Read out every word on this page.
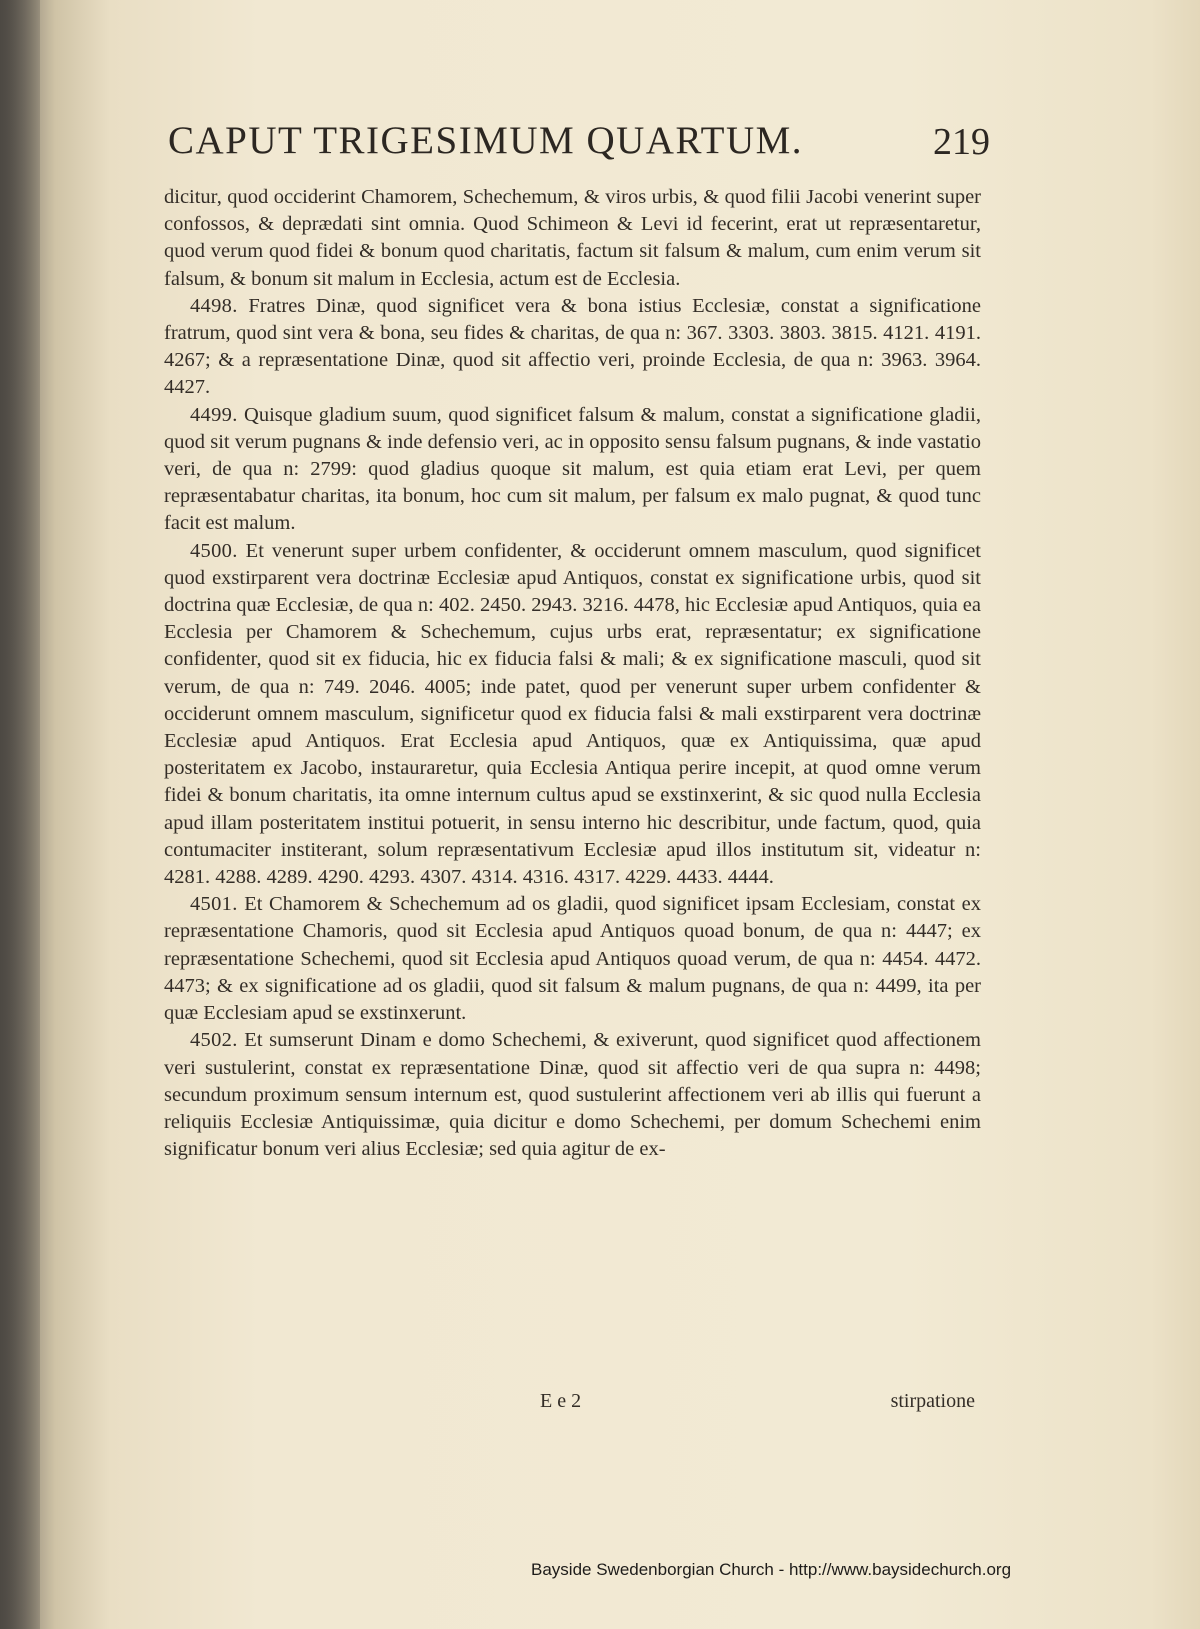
CAPUT TRIGESIMUM QUARTUM.	219

dicitur, quod occiderint Chamorem, Schechemum, & viros urbis, & quod filii Jacobi venerint super confossos, & deprædati sint omnia. Quod Schimeon & Levi id fecerint, erat ut repræsentaretur, quod verum quod fidei & bonum quod charitatis, factum sit falsum & malum, cum enim verum sit falsum, & bonum sit malum in Ecclesia, actum est de Ecclesia.

4498. Fratres Dinæ, quod significet vera & bona istius Ecclesiæ, constat a significatione fratrum, quod sint vera & bona, seu fides & charitas, de qua n: 367. 3303. 3803. 3815. 4121. 4191. 4267; & a repræsentatione Dinæ, quod sit affectio veri, proinde Ecclesia, de qua n: 3963. 3964. 4427.

4499. Quisque gladium suum, quod significet falsum & malum, constat a significatione gladii, quod sit verum pugnans & inde defensio veri, ac in opposito sensu falsum pugnans, & inde vastatio veri, de qua n: 2799: quod gladius quoque sit malum, est quia etiam erat Levi, per quem repræsentabatur charitas, ita bonum, hoc cum sit malum, per falsum ex malo pugnat, & quod tunc facit est malum.

4500. Et venerunt super urbem confidenter, & occiderunt omnem masculum, quod significet quod exstirparent vera doctrinæ Ecclesiæ apud Antiquos, constat ex significatione urbis, quod sit doctrina quæ Ecclesiæ, de qua n: 402. 2450. 2943. 3216. 4478, hic Ecclesiæ apud Antiquos, quia ea Ecclesia per Chamorem & Schechemum, cujus urbs erat, repræsentatur; ex significatione confidenter, quod sit ex fiducia, hic ex fiducia falsi & mali; & ex significatione masculi, quod sit verum, de qua n: 749. 2046. 4005; inde patet, quod per venerunt super urbem confidenter & occiderunt omnem masculum, significetur quod ex fiducia falsi & mali exstirparent vera doctrinæ Ecclesiæ apud Antiquos. Erat Ecclesia apud Antiquos, quæ ex Antiquissima, quæ apud posteritatem ex Jacobo, instauraretur, quia Ecclesia Antiqua perire incepit, at quod omne verum fidei & bonum charitatis, ita omne internum cultus apud se exstinxerint, & sic quod nulla Ecclesia apud illam posteritatem institui potuerit, in sensu interno hic describitur, unde factum, quod, quia contumaciter institerant, solum repræsentativum Ecclesiæ apud illos institutum sit, videatur n: 4281. 4288. 4289. 4290. 4293. 4307. 4314. 4316. 4317. 4229. 4433. 4444.

4501. Et Chamorem & Schechemum ad os gladii, quod significet ipsam Ecclesiam, constat ex repræsentatione Chamoris, quod sit Ecclesia apud Antiquos quoad bonum, de qua n: 4447; ex repræsentatione Schechemi, quod sit Ecclesia apud Antiquos quoad verum, de qua n: 4454. 4472. 4473; & ex significatione ad os gladii, quod sit falsum & malum pugnans, de qua n: 4499, ita per quæ Ecclesiam apud se exstinxerunt.

4502. Et sumserunt Dinam e domo Schechemi, & exiverunt, quod significet quod affectionem veri sustulerint, constat ex repræsentatione Dinæ, quod sit affectio veri de qua supra n: 4498; secundum proximum sensum internum est, quod sustulerint affectionem veri ab illis qui fuerunt a reliquiis Ecclesiæ Antiquissimæ, quia dicitur e domo Schechemi, per domum Schechemi enim significatur bonum veri alius Ecclesiæ; sed quia agitur de ex-

E e 2	stirpatione
Bayside Swedenborgian Church - http://www.baysidechurch.org
